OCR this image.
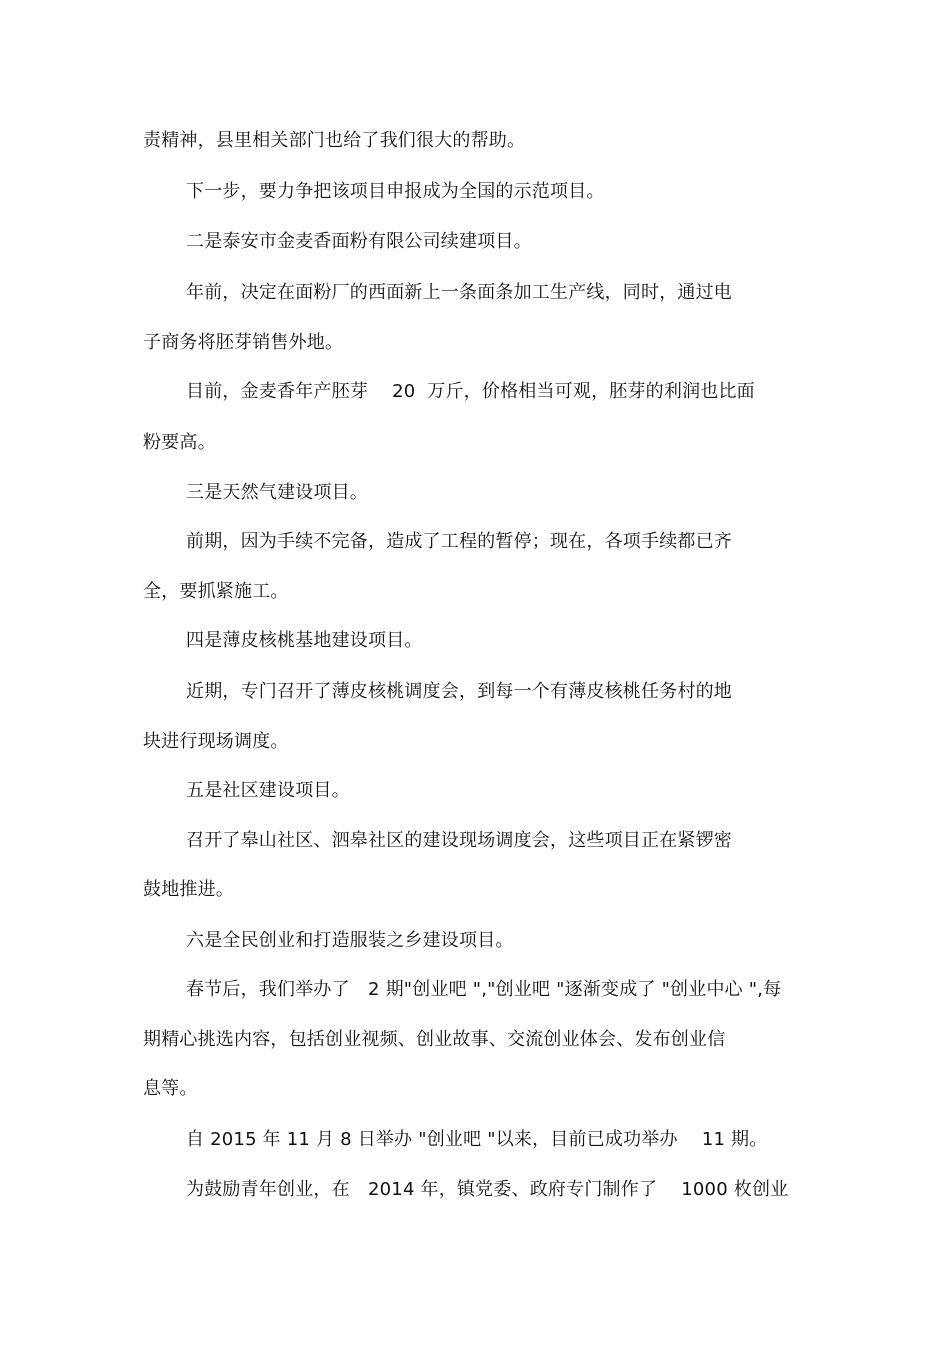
责精神，县里相关部门也给了我们很大的帮助。
下一步，要力争把该项目申报成为全国的示范项目。
二是泰安市金麦香面粉有限公司续建项目。
年前，决定在面粉厂的西面新上一条面条加工生产线，同时，通过电
子商务将胚芽销售外地。
目前，金麦香年产胚芽　 20  万斤，价格相当可观，胚芽的利润也比面
粉要高。
三是天然气建设项目。
前期，因为手续不完备，造成了工程的暂停；现在，各项手续都已齐
全，要抓紧施工。
四是薄皮核桃基地建设项目。
近期，专门召开了薄皮核桃调度会，到每一个有薄皮核桃任务村的地
块进行现场调度。
五是社区建设项目。
召开了皋山社区、泗皋社区的建设现场调度会，这些项目正在紧锣密
鼓地推进。
六是全民创业和打造服装之乡建设项目。
春节后，我们举办了　2 期"创业吧 ","创业吧 "逐渐变成了 "创业中心 ",每
期精心挑选内容，包括创业视频、创业故事、交流创业体会、发布创业信
息等。
自 2015 年 11 月 8 日举办 "创业吧 "以来，目前已成功举办　 11 期。
为鼓励青年创业，在　2014 年，镇党委、政府专门制作了　 1000 枚创业
